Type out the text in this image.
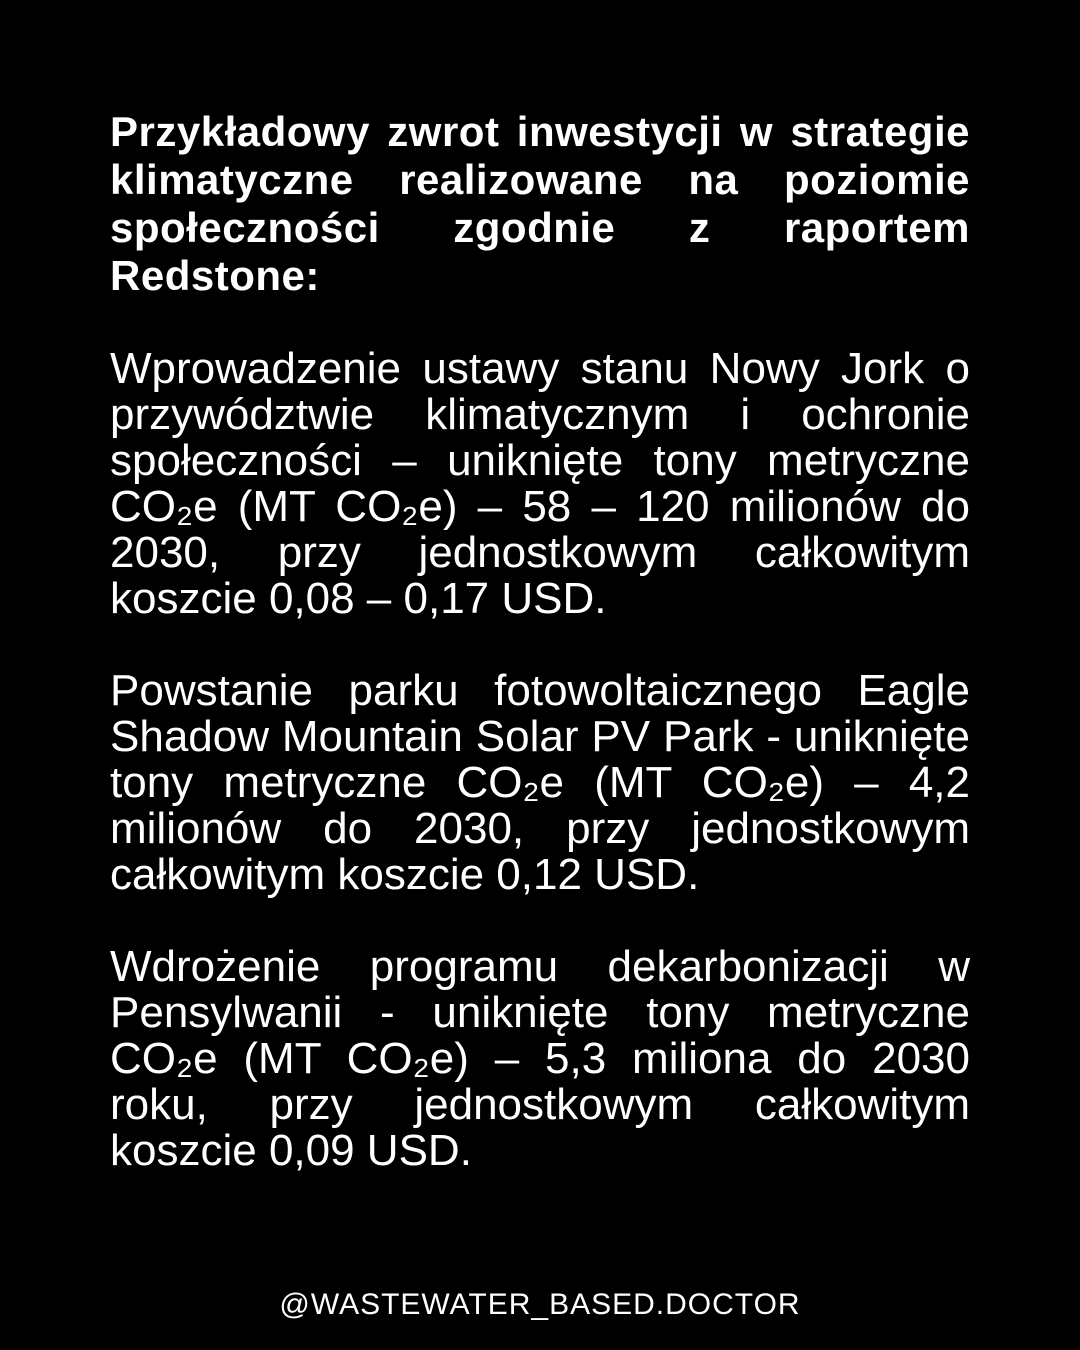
Przykładowy zwrot inwestycji w strategie klimatyczne realizowane na poziomie społeczności zgodnie z raportem Redstone:

Wprowadzenie ustawy stanu Nowy Jork o przywództwie klimatycznym i ochronie społeczności – uniknięte tony metryczne CO₂e (MT CO₂e) – 58 – 120 milionów do 2030, przy jednostkowym całkowitym koszcie 0,08 – 0,17 USD.

Powstanie parku fotowoltaicznego Eagle Shadow Mountain Solar PV Park - uniknięte tony metryczne CO₂e (MT CO₂e) – 4,2 milionów do 2030, przy jednostkowym całkowitym koszcie 0,12 USD.

Wdrożenie programu dekarbonizacji w Pensylwanii - uniknięte tony metryczne CO₂e (MT CO₂e) – 5,3 miliona do 2030 roku, przy jednostkowym całkowitym koszcie 0,09 USD.

@WASTEWATER_BASED.DOCTOR
